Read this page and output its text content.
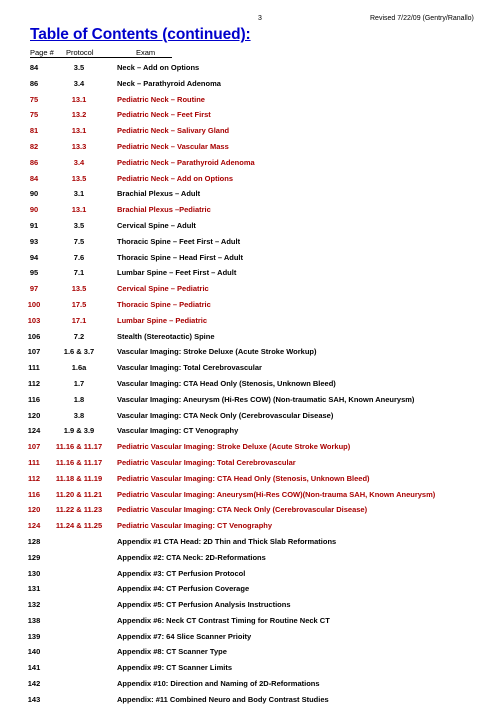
3	Revised 7/22/09 (Gentry/Ranallo)
Table of Contents (continued):
Page # Protocol	Exam
84	3.5	Neck – Add on Options
86	3.4	Neck – Parathyroid Adenoma
75	13.1	Pediatric Neck – Routine
75	13.2	Pediatric Neck – Feet First
81	13.1	Pediatric Neck – Salivary Gland
82	13.3	Pediatric Neck – Vascular Mass
86	3.4	Pediatric Neck – Parathyroid Adenoma
84	13.5	Pediatric Neck – Add on Options
90	3.1	Brachial Plexus – Adult
90	13.1	Brachial Plexus –Pediatric
91	3.5	Cervical Spine – Adult
93	7.5	Thoracic Spine – Feet First – Adult
94	7.6	Thoracic Spine – Head First – Adult
95	7.1	Lumbar Spine – Feet First – Adult
97	13.5	Cervical Spine – Pediatric
100	17.5	Thoracic Spine – Pediatric
103	17.1	Lumbar Spine – Pediatric
106	7.2	Stealth (Stereotactic) Spine
107	1.6 & 3.7	Vascular Imaging: Stroke Deluxe (Acute Stroke Workup)
111	1.6a	Vascular Imaging: Total Cerebrovascular
112	1.7	Vascular Imaging: CTA Head Only (Stenosis, Unknown Bleed)
116	1.8	Vascular Imaging: Aneurysm (Hi-Res COW) (Non-traumatic SAH, Known Aneurysm)
120	3.8	Vascular Imaging: CTA Neck Only (Cerebrovascular Disease)
124	1.9 & 3.9	Vascular Imaging: CT Venography
107	11.16 & 11.17	Pediatric Vascular Imaging: Stroke Deluxe (Acute Stroke Workup)
111	11.16 & 11.17	Pediatric Vascular Imaging: Total Cerebrovascular
112	11.18 & 11.19	Pediatric Vascular Imaging: CTA Head Only (Stenosis, Unknown Bleed)
116	11.20 & 11.21	Pediatric Vascular Imaging: Aneurysm(Hi-Res COW)(Non-trauma SAH, Known Aneurysm)
120	11.22 & 11.23	Pediatric Vascular Imaging: CTA Neck Only (Cerebrovascular Disease)
124	11.24 & 11.25	Pediatric Vascular Imaging: CT Venography
128	Appendix #1 CTA Head: 2D Thin and Thick Slab Reformations
129	Appendix #2: CTA Neck: 2D-Reformations
130	Appendix #3: CT Perfusion Protocol
131	Appendix #4: CT Perfusion Coverage
132	Appendix #5: CT Perfusion Analysis Instructions
138	Appendix #6: Neck CT Contrast Timing for Routine Neck CT
139	Appendix #7: 64 Slice Scanner Prioity
140	Appendix #8: CT Scanner Type
141	Appendix #9: CT Scanner Limits
142	Appendix #10: Direction and Naming of 2D-Reformations
143	Appendix: #11 Combined Neuro and Body Contrast Studies
